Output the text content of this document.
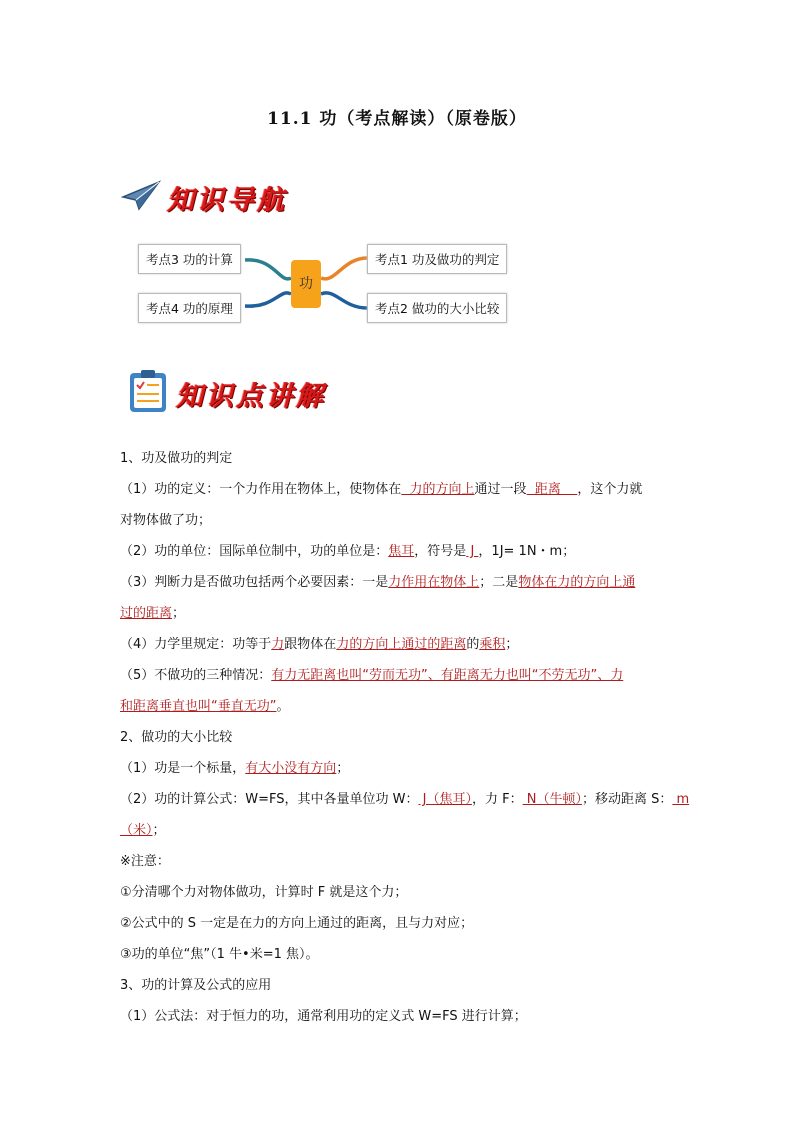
11.1 功（考点解读）（原卷版）
知识导航
考点3 功的计算
考点4 功的原理
功
考点1 功及做功的判定
考点2 做功的大小比较
知识点讲解
1、功及做功的判定
（1）功的定义：一个力作用在物体上，使物体在  力的方向上通过一段  距离    ，这个力就
对物体做了功；
（2）功的单位：国际单位制中，功的单位是：焦耳，符号是 J ，1J= 1N・m；
（3）判断力是否做功包括两个必要因素：一是力作用在物体上；二是物体在力的方向上通
过的距离；
（4）力学里规定：功等于力跟物体在力的方向上通过的距离的乘积；
（5）不做功的三种情况：有力无距离也叫“劳而无功”、有距离无力也叫“不劳无功”、力
和距离垂直也叫“垂直无功”。
2、做功的大小比较
（1）功是一个标量，有大小没有方向；
（2）功的计算公式：W=FS，其中各量单位功 W： J（焦耳），力 F： N（牛顿）；移动距离 S： m
（米）；
※注意：
①分清哪个力对物体做功，计算时 F 就是这个力；
②公式中的 S 一定是在力的方向上通过的距离，且与力对应；
③功的单位“焦”（1 牛•米=1 焦）。
3、功的计算及公式的应用
（1）公式法：对于恒力的功，通常利用功的定义式 W=FS 进行计算；
